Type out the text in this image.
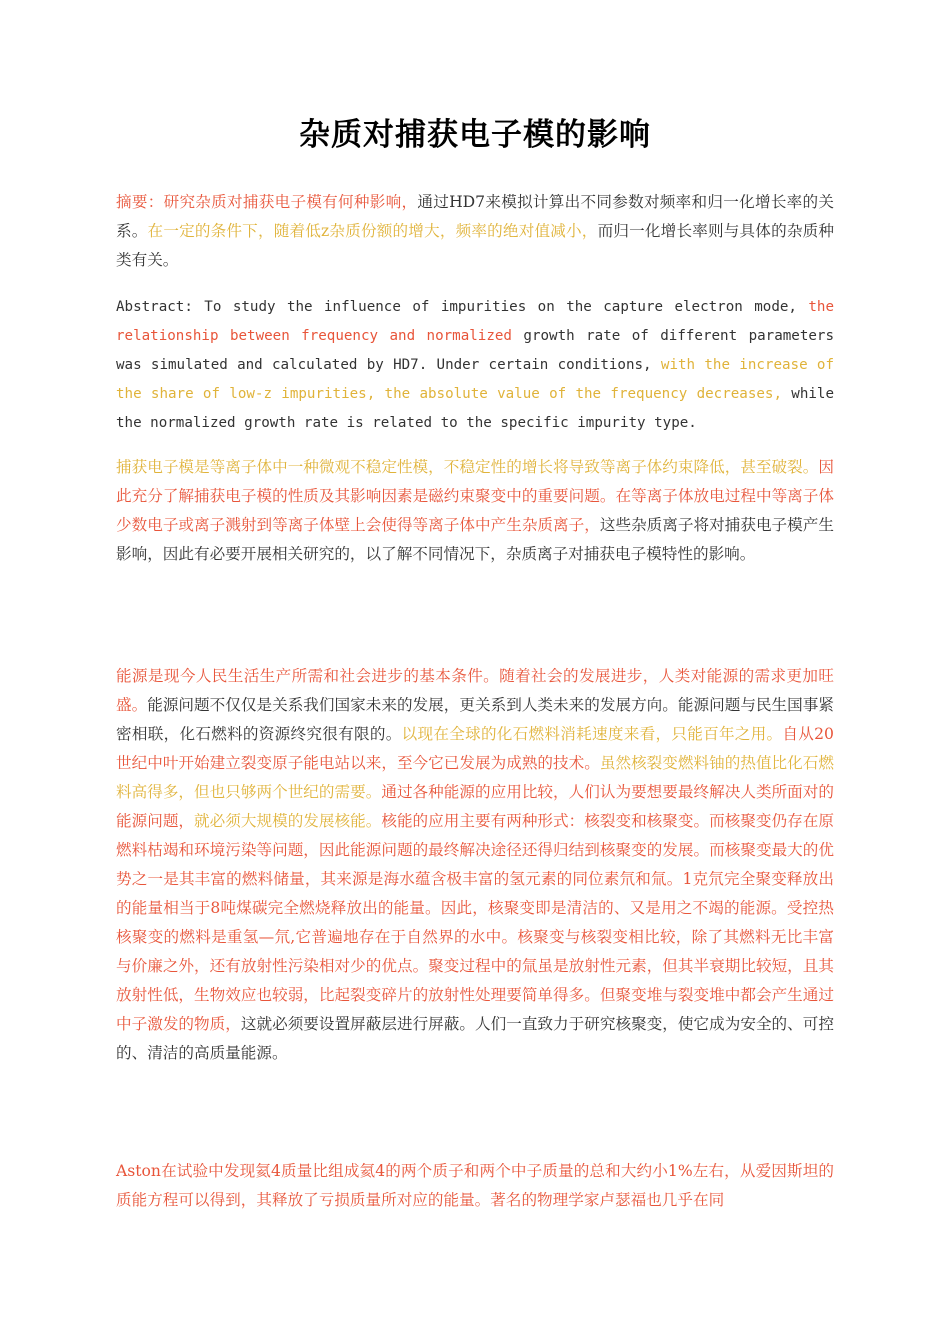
杂质对捕获电子模的影响

摘要：研究杂质对捕获电子模有何种影响，通过HD7来模拟计算出不同参数对频率和归一化增长率的关系。在一定的条件下，随着低z杂质份额的增大，频率的绝对值减小，而归一化增长率则与具体的杂质种类有关。

Abstract: To study the influence of impurities on the capture electron mode, the relationship between frequency and normalized growth rate of different parameters was simulated and calculated by HD7. Under certain conditions, with the increase of the share of low-z impurities, the absolute value of the frequency decreases, while the normalized growth rate is related to the specific impurity type.

捕获电子模是等离子体中一种微观不稳定性模，不稳定性的增长将导致等离子体约束降低，甚至破裂。因此充分了解捕获电子模的性质及其影响因素是磁约束聚变中的重要问题。在等离子体放电过程中等离子体少数电子或离子溅射到等离子体壁上会使得等离子体中产生杂质离子，这些杂质离子将对捕获电子模产生影响，因此有必要开展相关研究的，以了解不同情况下，杂质离子对捕获电子模特性的影响。

能源是现今人民生活生产所需和社会进步的基本条件。随着社会的发展进步，人类对能源的需求更加旺盛。能源问题不仅仅是关系我们国家未来的发展，更关系到人类未来的发展方向。能源问题与民生国事紧密相联，化石燃料的资源终究很有限的。以现在全球的化石燃料消耗速度来看，只能百年之用。自从20世纪中叶开始建立裂变原子能电站以来，至今它已发展为成熟的技术。虽然核裂变燃料铀的热值比化石燃料高得多，但也只够两个世纪的需要。通过各种能源的应用比较，人们认为要想要最终解决人类所面对的能源问题，就必须大规模的发展核能。核能的应用主要有两种形式：核裂变和核聚变。而核聚变仍存在原燃料枯竭和环境污染等问题，因此能源问题的最终解决途径还得归结到核聚变的发展。而核聚变最大的优势之一是其丰富的燃料储量，其来源是海水蕴含极丰富的氢元素的同位素氘和氚。1克氘完全聚变释放出的能量相当于8吨煤碳完全燃烧释放出的能量。因此，核聚变即是清洁的、又是用之不竭的能源。受控热核聚变的燃料是重氢—氘,它普遍地存在于自然界的水中。核聚变与核裂变相比较，除了其燃料无比丰富与价廉之外，还有放射性污染相对少的优点。聚变过程中的氚虽是放射性元素，但其半衰期比较短，且其放射性低，生物效应也较弱，比起裂变碎片的放射性处理要简单得多。但聚变堆与裂变堆中都会产生通过中子激发的物质，这就必须要设置屏蔽层进行屏蔽。人们一直致力于研究核聚变，使它成为安全的、可控的、清洁的高质量能源。

Aston在试验中发现氦4质量比组成氦4的两个质子和两个中子质量的总和大约小1%左右，从爱因斯坦的质能方程可以得到，其释放了亏损质量所对应的能量。著名的物理学家卢瑟福也几乎在同
